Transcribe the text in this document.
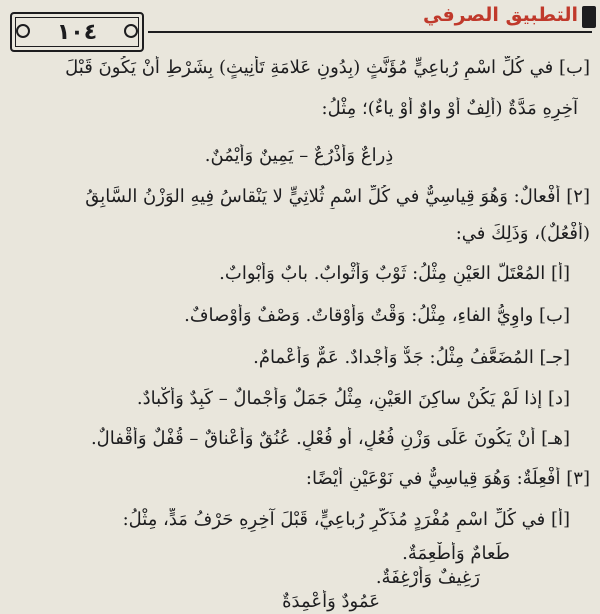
التطبيق الصرفي
١٠٤
[ب] في كُلِّ اسْمٍ رُباعِيٍّ مُؤَنَّثٍ (بِدُونِ عَلامَةِ تَأْنِيثٍ) بِشَرْطِ أَنْ يَكُونَ قَبْلَ
آخِرِهِ مَدَّةٌ (أَلِفٌ أَوْ واوٌ أَوْ ياءٌ)؛ مِثْلُ:
ذِراعٌ وَأَذْرُعٌ – يَمِينٌ وَأَيْمُنٌ.
[٢] أَفْعالٌ: وَهُوَ قِياسِيٌّ في كُلِّ اسْمٍ ثُلاثِيٍّ لا يَنْقاسُ فِيهِ الوَزْنُ السَّابِقُ
(أَفْعُلٌ)، وَذَلِكَ في:
[أ] المُعْتَلُّ العَيْنِ مِثْلُ: ثَوْبٌ وَأَثْوابٌ. بابٌ وَأَبْوابٌ.
[ب] واوِيُّ الفاءِ، مِثْلُ: وَقْتٌ وَأَوْقاتٌ. وَصْفٌ وَأَوْصافٌ.
[جـ] المُضَعَّفُ مِثْلُ: جَدٌّ وَأَجْدادٌ. عَمٌّ وَأَعْمامٌ.
[د] إذا لَمْ يَكُنْ ساكِنَ العَيْنِ، مِثْلُ جَمَلٌ وَأَجْمالٌ – كَبِدٌ وَأَكْبادٌ.
[هـ] أَنْ يَكُونَ عَلَى وَزْنِ فُعُلٍ، أو فُعْلٍ. عُنُقٌ وَأَعْناقٌ – قُفْلٌ وَأَقْفالٌ.
[٣] أَفْعِلَةٌ: وَهُوَ قِياسِيٌّ في نَوْعَيْنِ أَيْضًا:
[أ] في كُلِّ اسْمٍ مُفْرَدٍ مُذَكَّرٍ رُباعِيٍّ، قَبْلَ آخِرِهِ حَرْفُ مَدٍّ، مِثْلُ:
طَعامٌ وَأَطْعِمَةٌ.
رَغِيفٌ وَأَرْغِفَةٌ.
عَمُودٌ وَأَعْمِدَةٌ
